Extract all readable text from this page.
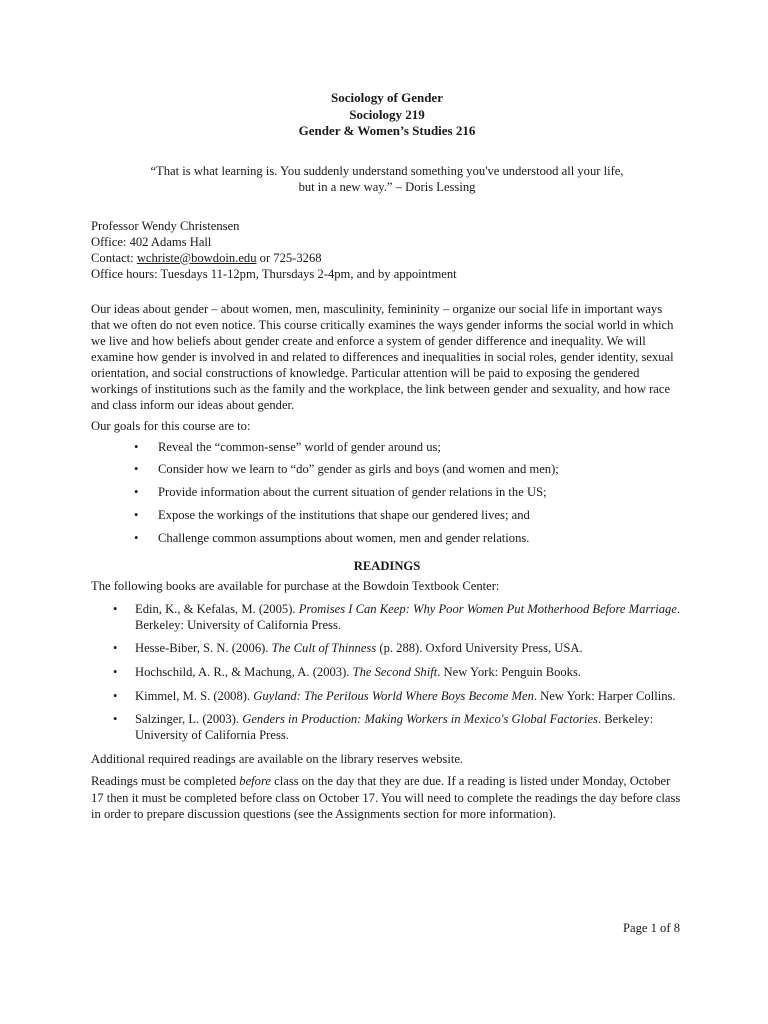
Sociology of Gender
Sociology 219
Gender & Women’s Studies 216
“That is what learning is. You suddenly understand something you've understood all your life,
but in a new way.” – Doris Lessing
Professor Wendy Christensen
Office: 402 Adams Hall
Contact: wchriste@bowdoin.edu or 725-3268
Office hours: Tuesdays 11-12pm, Thursdays 2-4pm, and by appointment
Our ideas about gender – about women, men, masculinity, femininity – organize our social life in important ways that we often do not even notice. This course critically examines the ways gender informs the social world in which we live and how beliefs about gender create and enforce a system of gender difference and inequality. We will examine how gender is involved in and related to differences and inequalities in social roles, gender identity, sexual orientation, and social constructions of knowledge. Particular attention will be paid to exposing the gendered workings of institutions such as the family and the workplace, the link between gender and sexuality, and how race and class inform our ideas about gender.
Our goals for this course are to:
• Reveal the “common-sense” world of gender around us;
• Consider how we learn to “do” gender as girls and boys (and women and men);
• Provide information about the current situation of gender relations in the US;
• Expose the workings of the institutions that shape our gendered lives; and
• Challenge common assumptions about women, men and gender relations.
READINGS
The following books are available for purchase at the Bowdoin Textbook Center:
• Edin, K., & Kefalas, M. (2005). Promises I Can Keep: Why Poor Women Put Motherhood Before Marriage. Berkeley: University of California Press.
• Hesse-Biber, S. N. (2006). The Cult of Thinness (p. 288). Oxford University Press, USA.
• Hochschild, A. R., & Machung, A. (2003). The Second Shift. New York: Penguin Books.
• Kimmel, M. S. (2008). Guyland: The Perilous World Where Boys Become Men. New York: Harper Collins.
• Salzinger, L. (2003). Genders in Production: Making Workers in Mexico's Global Factories. Berkeley: University of California Press.
Additional required readings are available on the library reserves website.
Readings must be completed before class on the day that they are due. If a reading is listed under Monday, October 17 then it must be completed before class on October 17. You will need to complete the readings the day before class in order to prepare discussion questions (see the Assignments section for more information).
Page 1 of 8
